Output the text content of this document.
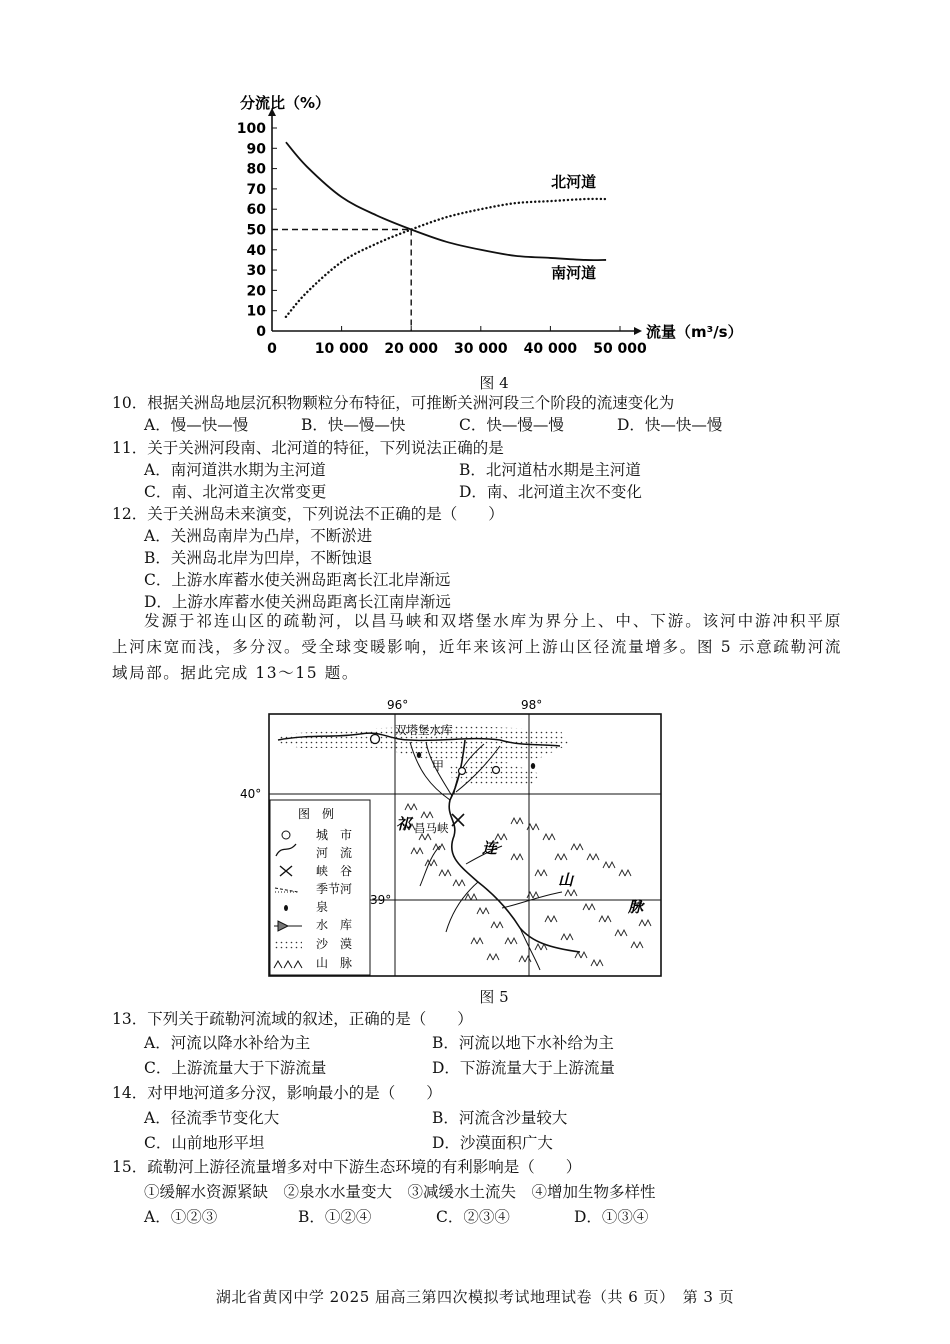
0
10
20
30
40
50
60
70
80
90
100
0	10 000 20 000 30 000 40 000 50 000
分流比（%）
流量（m³/s）
南河道
北河道
图 4
10．根据关洲岛地层沉积物颗粒分布特征，可推断关洲河段三个阶段的流速变化为
A．慢—快—慢	B．快—慢—快	C．快—慢—慢	D．快—快—慢
11．关于关洲河段南、北河道的特征，下列说法正确的是
A．南河道洪水期为主河道	B．北河道枯水期是主河道
C．南、北河道主次常变更	D．南、北河道主次不变化
12．关于关洲岛未来演变，下列说法不正确的是（　　）
A．关洲岛南岸为凸岸，不断淤进
B．关洲岛北岸为凹岸，不断蚀退
C．上游水库蓄水使关洲岛距离长江北岸渐远
D．上游水库蓄水使关洲岛距离长江南岸渐远
发源于祁连山区的疏勒河，以昌马峡和双塔堡水库为界分上、中、下游。该河中游冲积平原上河床宽而浅，多分汊。受全球变暖影响，近年来该河上游山区径流量增多。图 5 示意疏勒河流域局部。据此完成 13～15 题。
96°	98°
40°
39°
双塔堡水库
甲
昌马峡
祁
连
山
脉
图　例
城　市
河　流
峡　谷
季节河
泉
水　库
沙　漠
山　脉
图 5
13．下列关于疏勒河流域的叙述，正确的是（　　）
A．河流以降水补给为主	B．河流以地下水补给为主
C．上游流量大于下游流量	D．下游流量大于上游流量
14．对甲地河道多分汊，影响最小的是（　　）
A．径流季节变化大	B．河流含沙量较大
C．山前地形平坦	D．沙漠面积广大
15．疏勒河上游径流量增多对中下游生态环境的有利影响是（　　）
①缓解水资源紧缺　②泉水水量变大　③减缓水土流失　④增加生物多样性
A．①②③	B．①②④	C．②③④	D．①③④
湖北省黄冈中学 2025 届高三第四次模拟考试地理试卷（共 6 页）　第 3 页
